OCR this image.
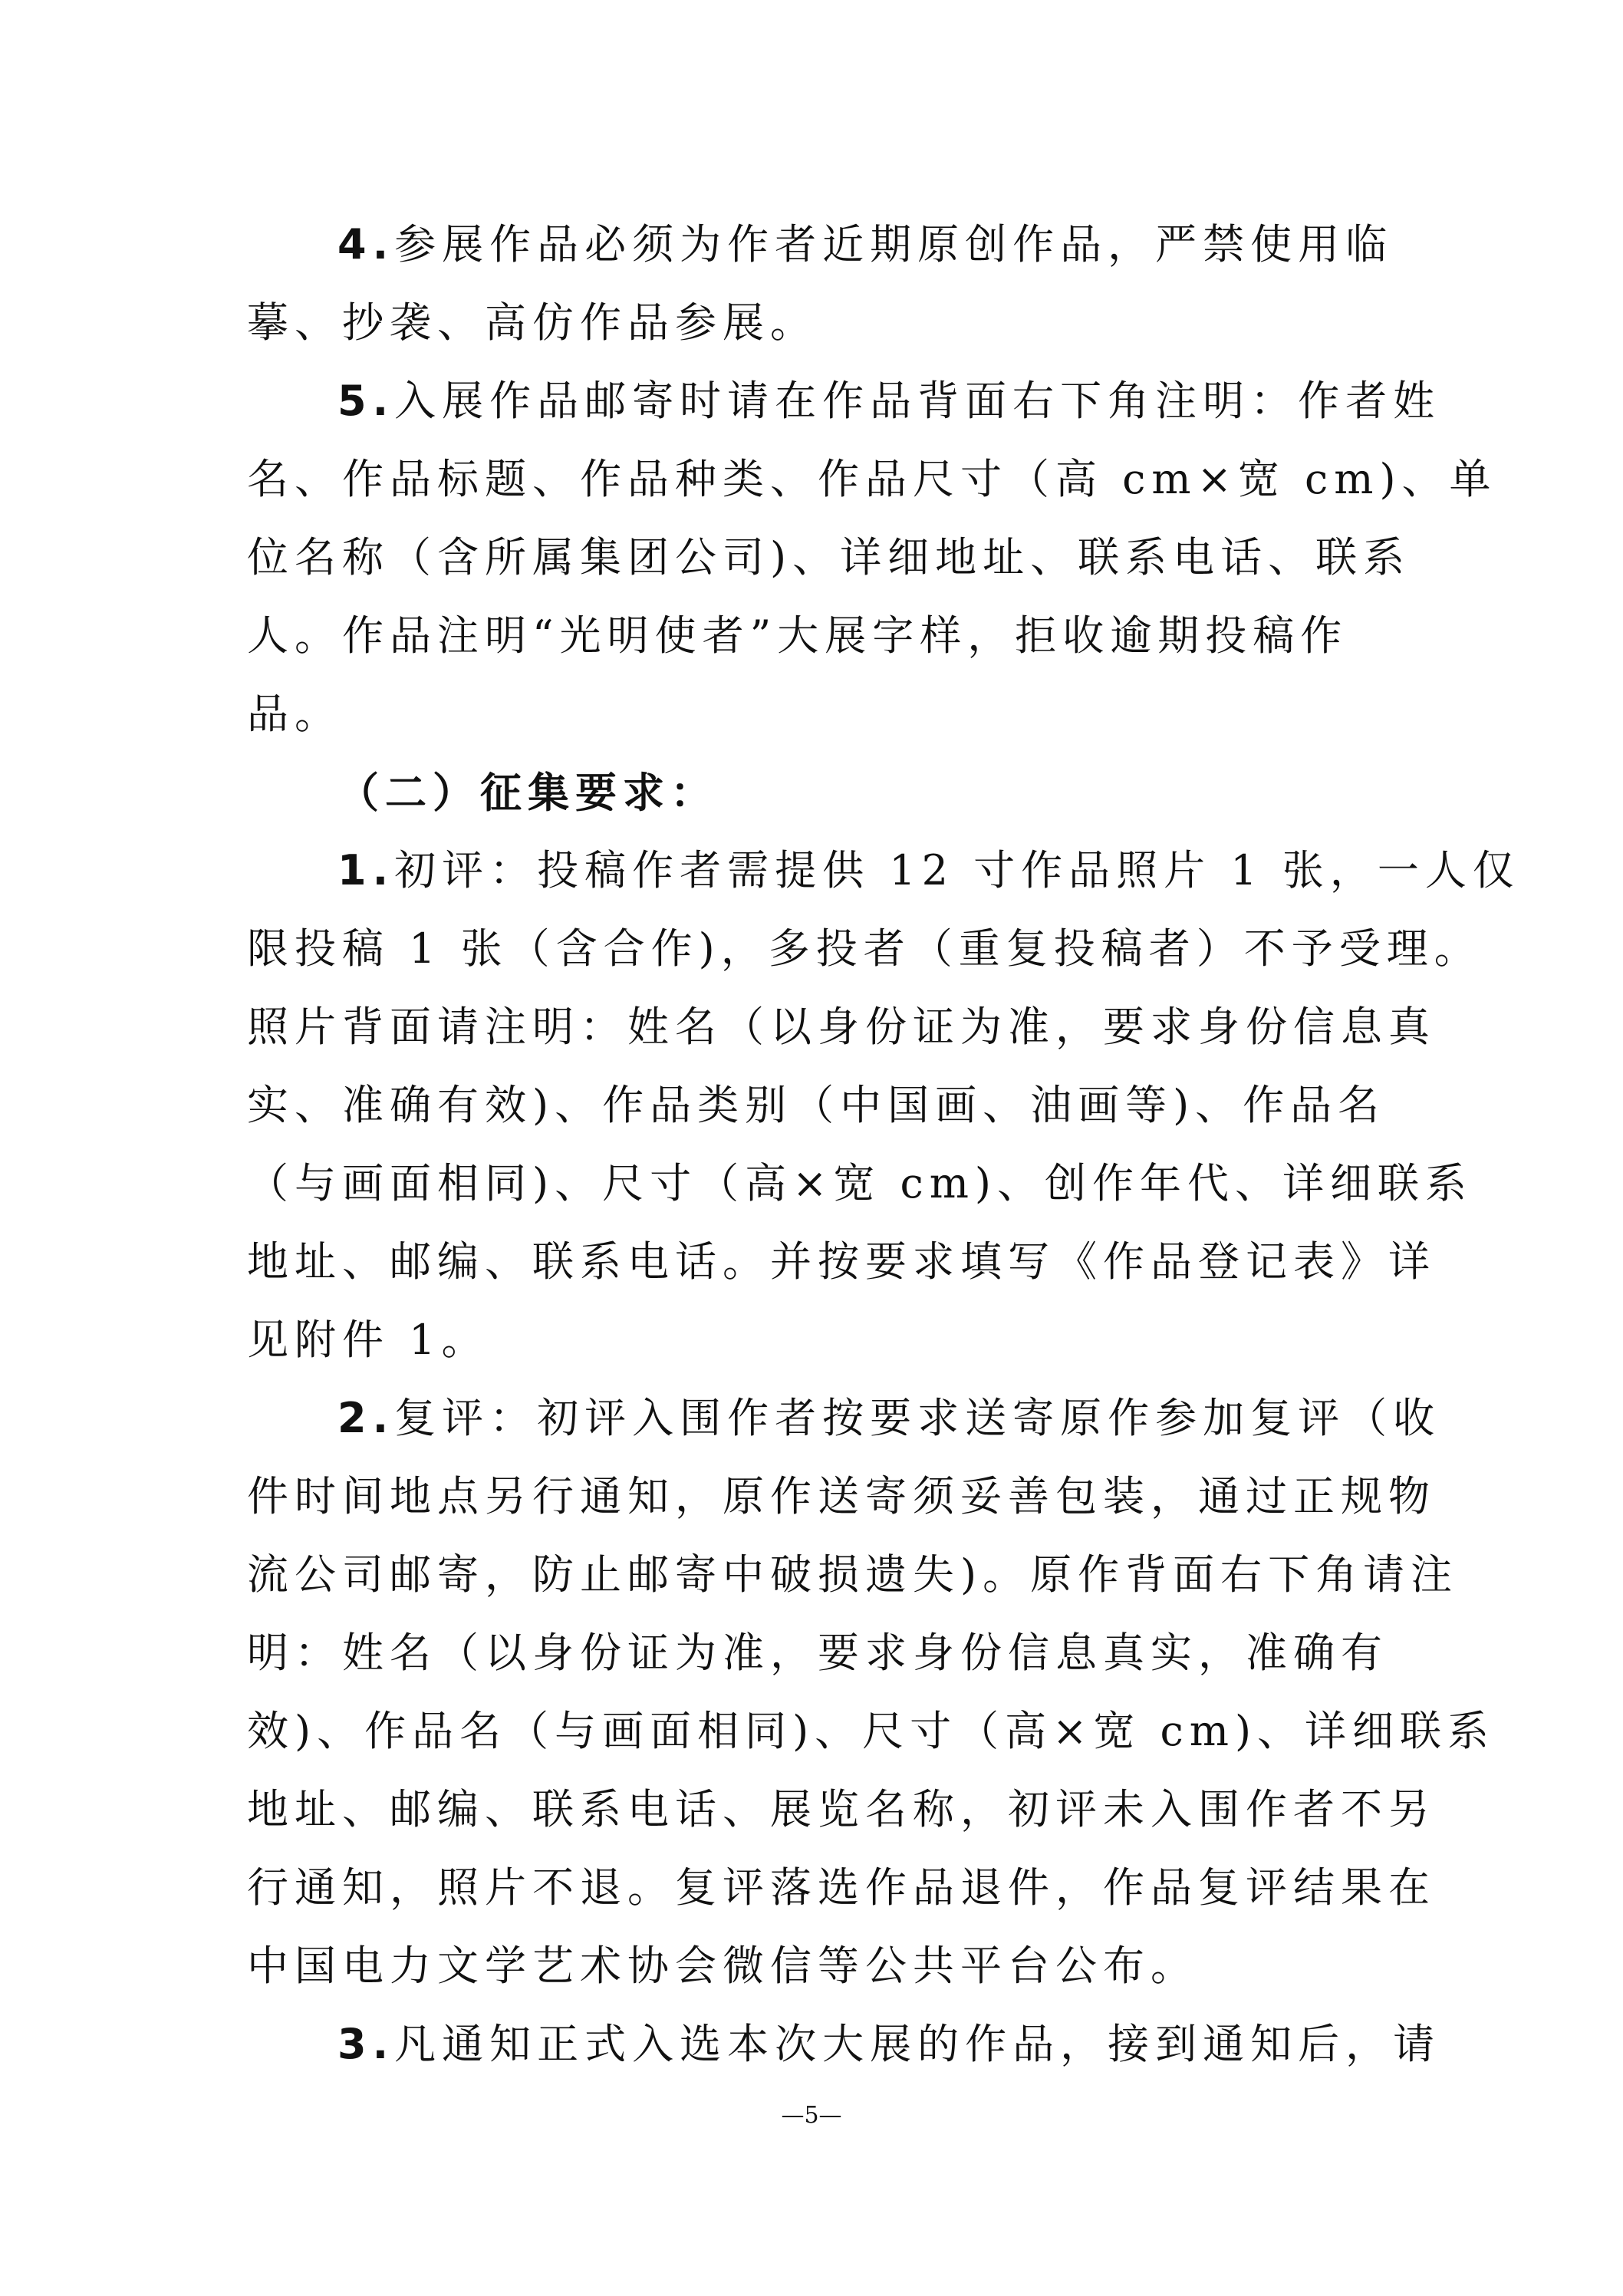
4.参展作品必须为作者近期原创作品，严禁使用临
摹、抄袭、高仿作品参展。
5.入展作品邮寄时请在作品背面右下角注明：作者姓
名、作品标题、作品种类、作品尺寸（高 cm×宽 cm)、单
位名称（含所属集团公司)、详细地址、联系电话、联系
人。作品注明“光明使者”大展字样，拒收逾期投稿作
品。
（二）征集要求：
1.初评：投稿作者需提供 12 寸作品照片 1 张，一人仅
限投稿 1 张（含合作)，多投者（重复投稿者）不予受理。
照片背面请注明：姓名（以身份证为准，要求身份信息真
实、准确有效)、作品类别（中国画、油画等)、作品名
（与画面相同)、尺寸（高×宽 cm)、创作年代、详细联系
地址、邮编、联系电话。并按要求填写《作品登记表》详
见附件 1。
2.复评：初评入围作者按要求送寄原作参加复评（收
件时间地点另行通知，原作送寄须妥善包装，通过正规物
流公司邮寄，防止邮寄中破损遗失)。原作背面右下角请注
明：姓名（以身份证为准，要求身份信息真实，准确有
效)、作品名（与画面相同)、尺寸（高×宽 cm)、详细联系
地址、邮编、联系电话、展览名称，初评未入围作者不另
行通知，照片不退。复评落选作品退件，作品复评结果在
中国电力文学艺术协会微信等公共平台公布。
3.凡通知正式入选本次大展的作品，接到通知后，请
—5—
